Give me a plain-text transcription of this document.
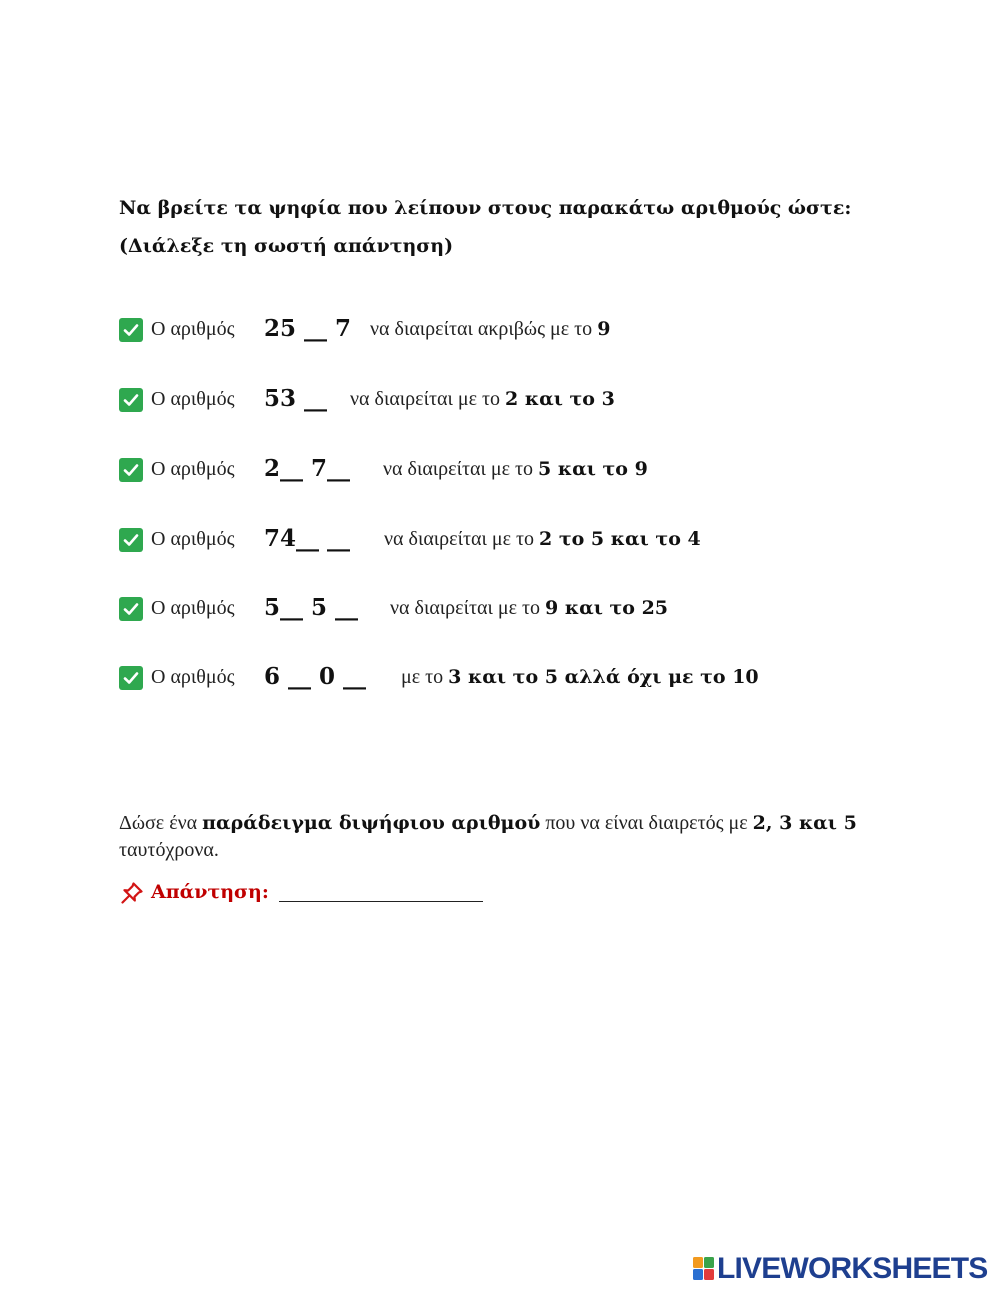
Να βρείτε τα ψηφία που λείπουν στους παρακάτω αριθμούς ώστε:
(Διάλεξε τη σωστή απάντηση)
Ο αριθμός 25 __ 7 να διαιρείται ακριβώς με το 9
Ο αριθμός 53 __ να διαιρείται με το 2 και το 3
Ο αριθμός 2__ 7__ να διαιρείται με το 5 και το 9
Ο αριθμός 74__ __ να διαιρείται με το 2 το 5 και το 4
Ο αριθμός 5__ 5 __ να διαιρείται με το 9 και το 25
Ο αριθμός 6 __ 0 __ με το 3 και το 5 αλλά όχι με το 10
Δώσε ένα παράδειγμα διψήφιου αριθμού που να είναι διαιρετός με 2, 3 και 5 ταυτόχρονα.
Απάντηση:
LIVEWORKSHEETS
